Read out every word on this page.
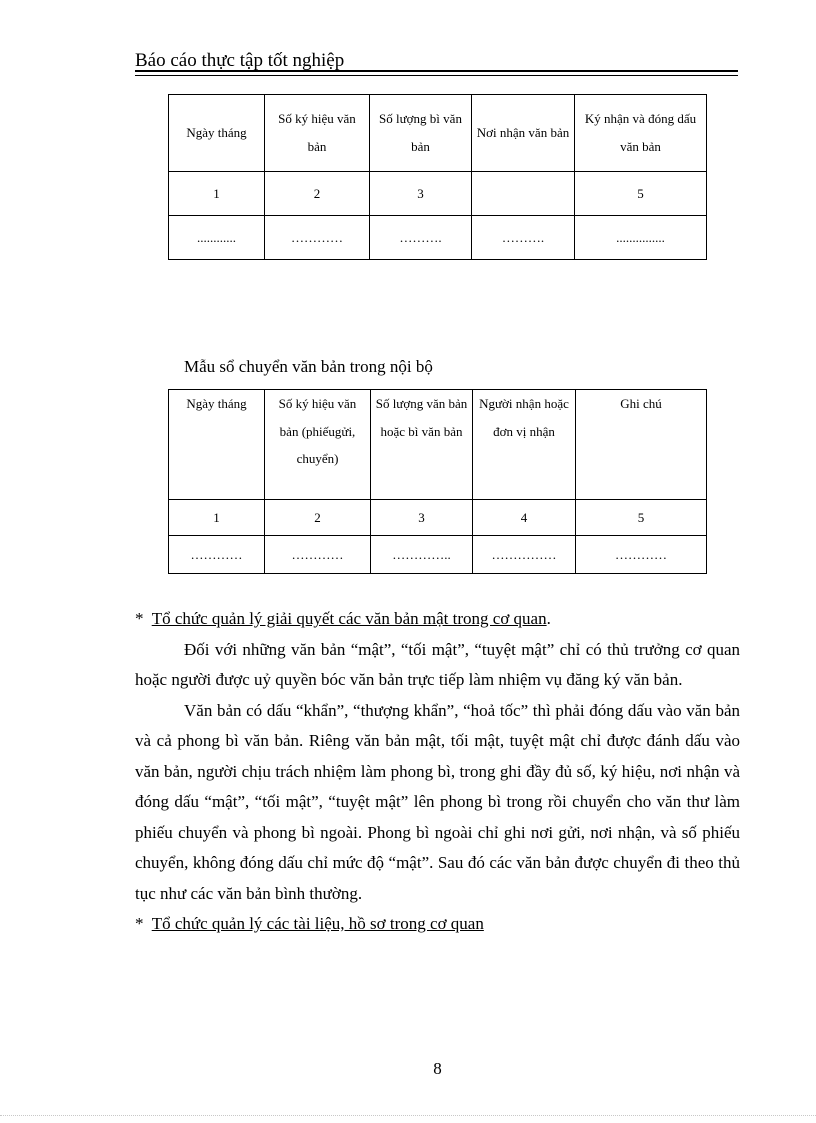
Báo cáo thực tập tốt nghiệp
Ngày tháng	Số ký hiệu văn bản	Số lượng bì văn bản	Nơi nhận văn bản	Ký nhận và đóng dấu văn bản
1	2	3		5
............	…………	……….	……….	...............
Mẫu sổ chuyển văn bản trong nội bộ
Ngày tháng	Số ký hiệu văn bản (phiếugửi, chuyển)	Số lượng văn bản hoặc bì văn bản	Người nhận hoặc đơn vị nhận	Ghi chú
1	2	3	4	5
…………	…………	…………..	……………	…………

* Tổ chức quản lý giải quyết các văn bản mật trong cơ quan.

Đối với những văn bản “mật”, “tối mật”, “tuyệt mật” chỉ có thủ trưởng cơ quan hoặc người được uỷ quyền bóc văn bản trực tiếp làm nhiệm vụ đăng ký văn bản.

Văn bản có dấu “khẩn”, “thượng khẩn”, “hoả tốc” thì phải đóng dấu vào văn bản và cả phong bì văn bản. Riêng văn bản mật, tối mật, tuyệt mật chỉ được đánh dấu vào văn bản, người chịu trách nhiệm làm phong bì, trong ghi đầy đủ số, ký hiệu, nơi nhận và đóng dấu “mật”, “tối mật”, “tuyệt mật” lên phong bì trong rồi chuyển cho văn thư làm phiếu chuyển và phong bì ngoài. Phong bì ngoài chỉ ghi nơi gửi, nơi nhận, và số phiếu chuyển, không đóng dấu chỉ mức độ “mật”. Sau đó các văn bản được chuyển đi theo thủ tục như các văn bản bình thường.

* Tổ chức quản lý các tài liệu, hồ sơ trong cơ quan

8
